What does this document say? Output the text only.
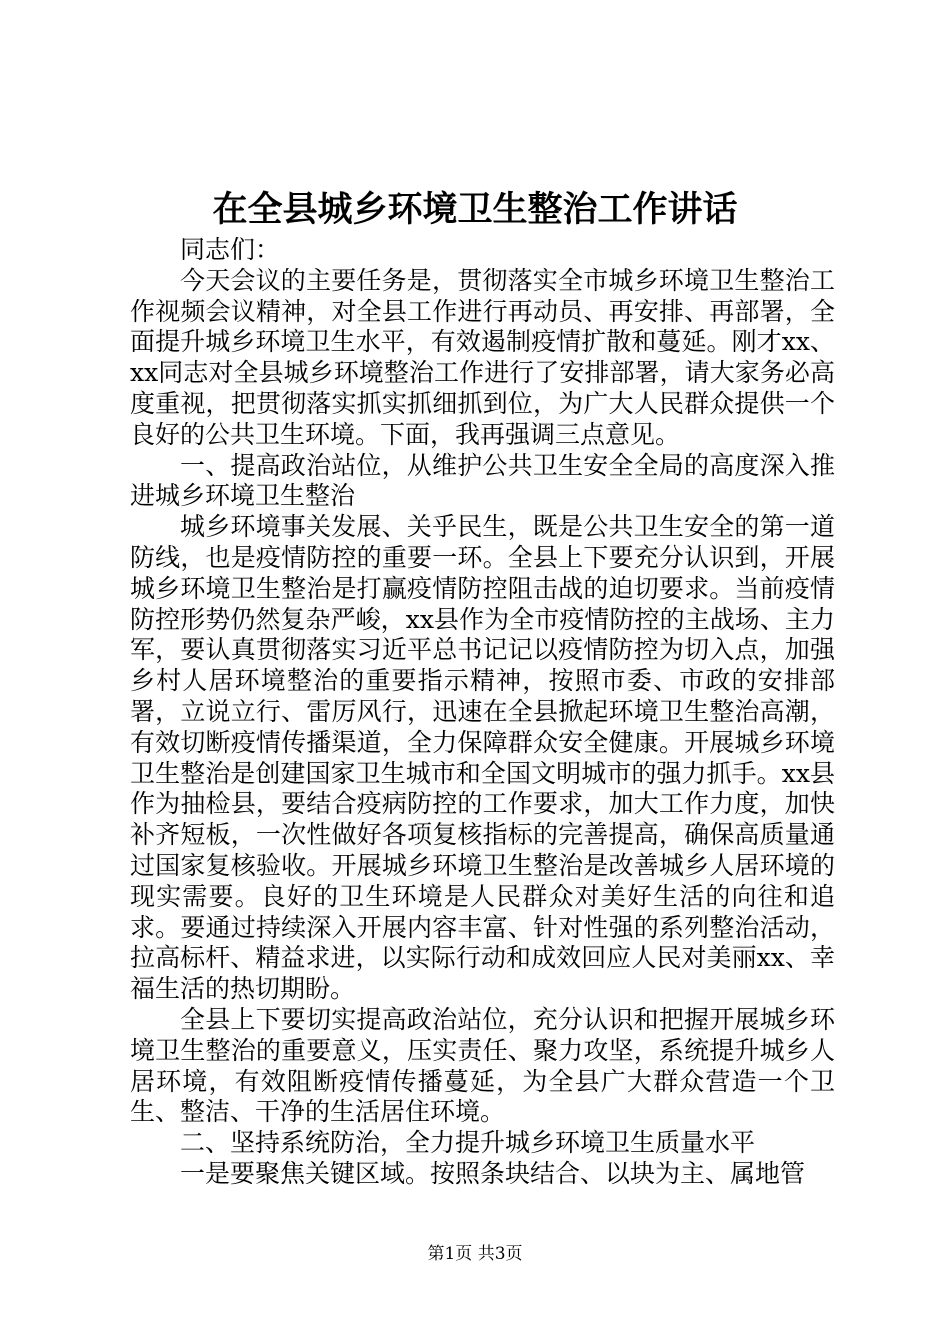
在全县城乡环境卫生整治工作讲话

同志们：

今天会议的主要任务是，贯彻落实全市城乡环境卫生整治工作视频会议精神，对全县工作进行再动员、再安排、再部署，全面提升城乡环境卫生水平，有效遏制疫情扩散和蔓延。刚才xx、xx同志对全县城乡环境整治工作进行了安排部署，请大家务必高度重视，把贯彻落实抓实抓细抓到位，为广大人民群众提供一个良好的公共卫生环境。下面，我再强调三点意见。

一、提高政治站位，从维护公共卫生安全全局的高度深入推进城乡环境卫生整治

城乡环境事关发展、关乎民生，既是公共卫生安全的第一道防线，也是疫情防控的重要一环。全县上下要充分认识到，开展城乡环境卫生整治是打赢疫情防控阻击战的迫切要求。当前疫情防控形势仍然复杂严峻，xx县作为全市疫情防控的主战场、主力军，要认真贯彻落实习近平总书记记以疫情防控为切入点，加强乡村人居环境整治的重要指示精神，按照市委、市政的安排部署，立说立行、雷厉风行，迅速在全县掀起环境卫生整治高潮，有效切断疫情传播渠道，全力保障群众安全健康。开展城乡环境卫生整治是创建国家卫生城市和全国文明城市的强力抓手。xx县作为抽检县，要结合疫病防控的工作要求，加大工作力度，加快补齐短板，一次性做好各项复核指标的完善提高，确保高质量通过国家复核验收。开展城乡环境卫生整治是改善城乡人居环境的现实需要。良好的卫生环境是人民群众对美好生活的向往和追求。要通过持续深入开展内容丰富、针对性强的系列整治活动，拉高标杆、精益求进，以实际行动和成效回应人民对美丽xx、幸福生活的热切期盼。

全县上下要切实提高政治站位，充分认识和把握开展城乡环境卫生整治的重要意义，压实责任、聚力攻坚，系统提升城乡人居环境，有效阻断疫情传播蔓延，为全县广大群众营造一个卫生、整洁、干净的生活居住环境。

二、坚持系统防治，全力提升城乡环境卫生质量水平

一是要聚焦关键区域。按照条块结合、以块为主、属地管

第1页 共3页
